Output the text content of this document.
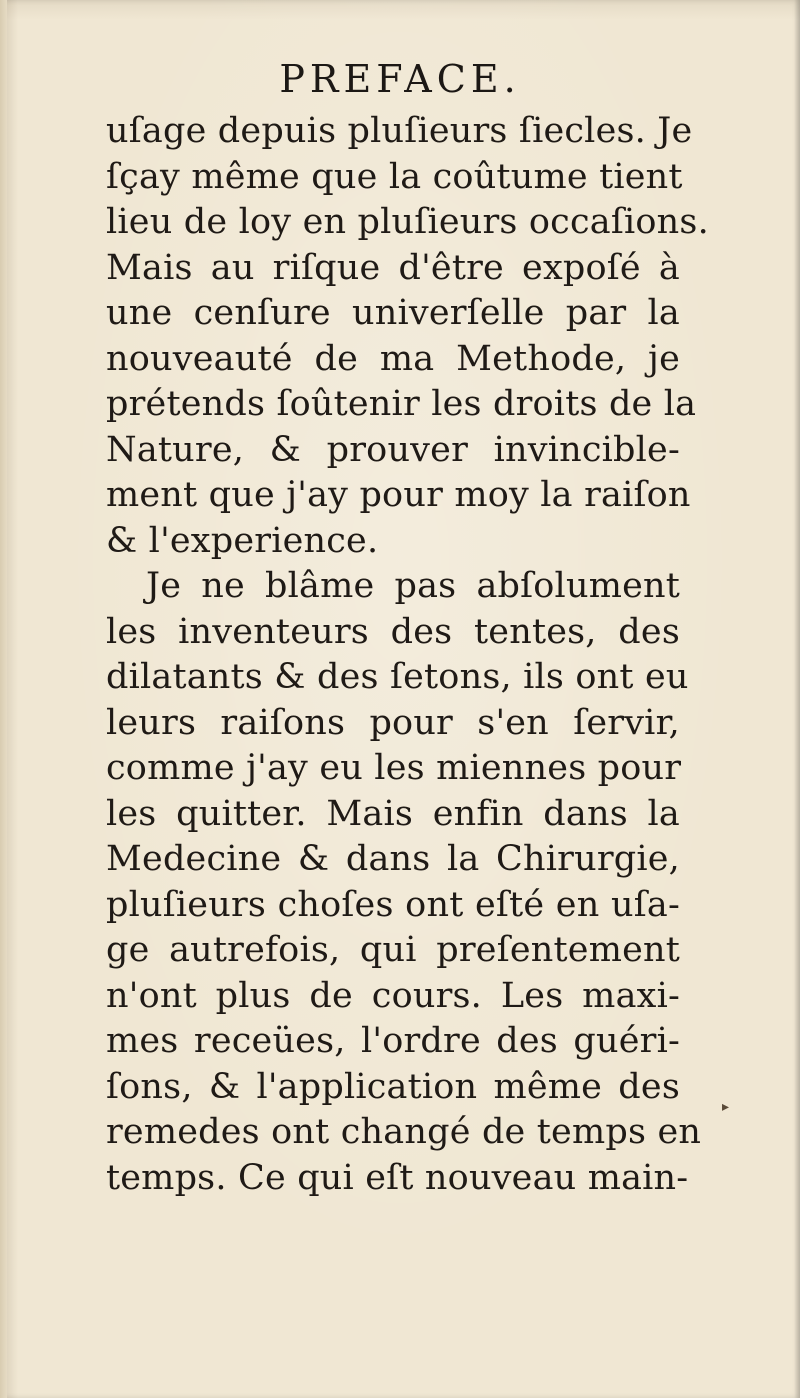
PREFACE.
uſage depuis pluſieurs ſiecles. Je
ſçay même que la coûtume tient
lieu de loy en pluſieurs occaſions.
Mais au riſque d'être expoſé à
une cenſure univerſelle par la
nouveauté de ma Methode, je
prétends ſoûtenir les droits de la
Nature, & prouver invincible-
ment que j'ay pour moy la raiſon
& l'experience.
Je ne blâme pas abſolument
les inventeurs des tentes, des
dilatants & des ſetons, ils ont eu
leurs raiſons pour s'en ſervir,
comme j'ay eu les miennes pour
les quitter. Mais enfin dans la
Medecine & dans la Chirurgie,
pluſieurs choſes ont eſté en uſa-
ge autrefois, qui preſentement
n'ont plus de cours. Les maxi-
mes receües, l'ordre des guéri-
ſons, & l'application même des
remedes ont changé de temps en
temps. Ce qui eſt nouveau main-
▸
